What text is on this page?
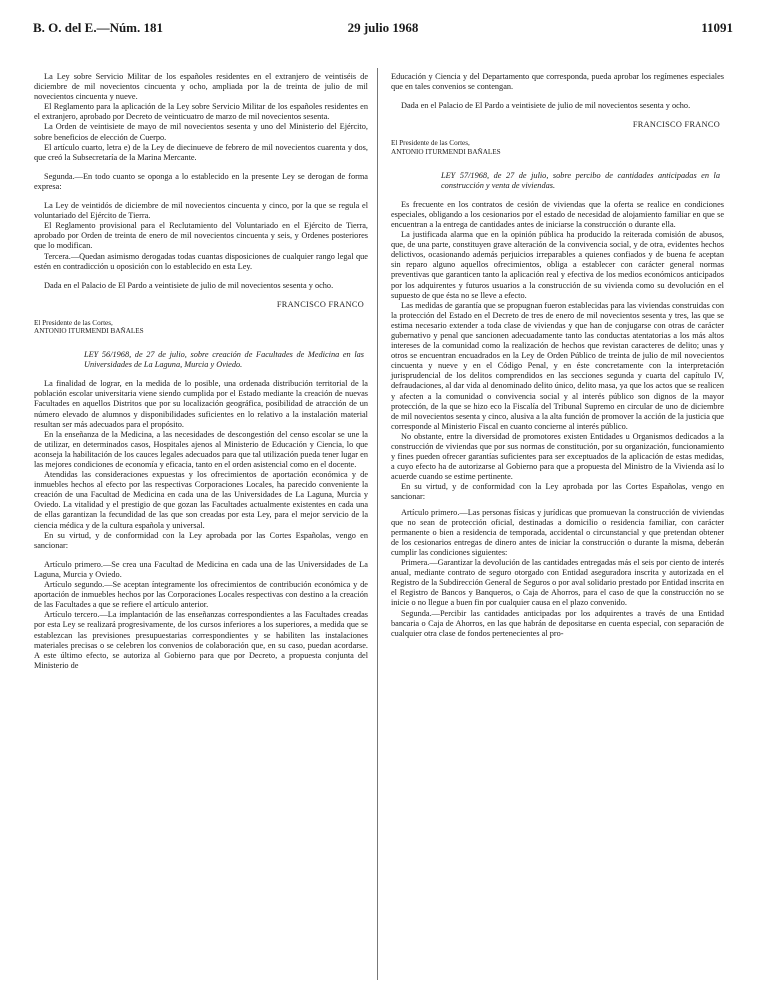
B. O. del E.—Núm. 181	29 julio 1968	11091

La Ley sobre Servicio Militar de los españoles residentes en el extranjero de veintiséis de diciembre de mil novecientos cincuenta y ocho, ampliada por la de treinta de julio de mil novecientos cincuenta y nueve.

El Reglamento para la aplicación de la Ley sobre Servicio Militar de los españoles residentes en el extranjero, aprobado por Decreto de veinticuatro de marzo de mil novecientos sesenta.

La Orden de veintisiete de mayo de mil novecientos sesenta y uno del Ministerio del Ejército, sobre beneficios de elección de Cuerpo.

El artículo cuarto, letra e) de la Ley de diecinueve de febrero de mil novecientos cuarenta y dos, que creó la Subsecretaría de la Marina Mercante.

Segunda.—En todo cuanto se oponga a lo establecido en la presente Ley se derogan de forma expresa:

La Ley de veintidós de diciembre de mil novecientos cincuenta y cinco, por la que se regula el voluntariado del Ejército de Tierra.

El Reglamento provisional para el Reclutamiento del Voluntariado en el Ejército de Tierra, aprobado por Orden de treinta de enero de mil novecientos cincuenta y seis, y Ordenes posteriores que lo modifican.

Tercera.—Quedan asimismo derogadas todas cuantas disposiciones de cualquier rango legal que estén en contradicción u oposición con lo establecido en esta Ley.

Dada en el Palacio de El Pardo a veintisiete de julio de mil novecientos sesenta y ocho.

FRANCISCO FRANCO

El Presidente de las Cortes,

ANTONIO ITURMENDI BAÑALES

LEY 56/1968, de 27 de julio, sobre creación de Facultades de Medicina en las Universidades de La Laguna, Murcia y Oviedo.

La finalidad de lograr, en la medida de lo posible, una ordenada distribución territorial de la población escolar universitaria viene siendo cumplida por el Estado mediante la creación de nuevas Facultades en aquellos Distritos que por su localización geográfica, posibilidad de atracción de un número elevado de alumnos y disponibilidades suficientes en lo relativo a la instalación material resultan ser más adecuados para el propósito.

En la enseñanza de la Medicina, a las necesidades de descongestión del censo escolar se une la de utilizar, en determinados casos, Hospitales ajenos al Ministerio de Educación y Ciencia, lo que aconseja la habilitación de los cauces legales adecuados para que tal utilización pueda tener lugar en las mejores condiciones de economía y eficacia, tanto en el orden asistencial como en el docente.

Atendidas las consideraciones expuestas y los ofrecimientos de aportación económica y de inmuebles hechos al efecto por las respectivas Corporaciones Locales, ha parecido conveniente la creación de una Facultad de Medicina en cada una de las Universidades de La Laguna, Murcia y Oviedo. La vitalidad y el prestigio de que gozan las Facultades actualmente existentes en cada una de ellas garantizan la fecundidad de las que son creadas por esta Ley, para el mejor servicio de la ciencia médica y de la cultura española y universal.

En su virtud, y de conformidad con la Ley aprobada por las Cortes Españolas, vengo en sancionar:

Artículo primero.—Se crea una Facultad de Medicina en cada una de las Universidades de La Laguna, Murcia y Oviedo.

Artículo segundo.—Se aceptan íntegramente los ofrecimientos de contribución económica y de aportación de inmuebles hechos por las Corporaciones Locales respectivas con destino a la creación de las Facultades a que se refiere el artículo anterior.

Artículo tercero.—La implantación de las enseñanzas correspondientes a las Facultades creadas por esta Ley se realizará progresivamente, de los cursos inferiores a los superiores, a medida que se establezcan las previsiones presupuestarias correspondientes y se habiliten las instalaciones materiales precisas o se celebren los convenios de colaboración que, en su caso, puedan acordarse. A este último efecto, se autoriza al Gobierno para que por Decreto, a propuesta conjunta del Ministerio de

Educación y Ciencia y del Departamento que corresponda, pueda aprobar los regímenes especiales que en tales convenios se contengan.

Dada en el Palacio de El Pardo a veintisiete de julio de mil novecientos sesenta y ocho.

FRANCISCO FRANCO

El Presidente de las Cortes,

ANTONIO ITURMENDI BAÑALES

LEY 57/1968, de 27 de julio, sobre percibo de cantidades anticipadas en la construcción y venta de viviendas.

Es frecuente en los contratos de cesión de viviendas que la oferta se realice en condiciones especiales, obligando a los cesionarios por el estado de necesidad de alojamiento familiar en que se encuentran a la entrega de cantidades antes de iniciarse la construcción o durante ella.

La justificada alarma que en la opinión pública ha producido la reiterada comisión de abusos, que, de una parte, constituyen grave alteración de la convivencia social, y de otra, evidentes hechos delictivos, ocasionando además perjuicios irreparables a quienes confiados y de buena fe aceptan sin reparo alguno aquellos ofrecimientos, obliga a establecer con carácter general normas preventivas que garanticen tanto la aplicación real y efectiva de los medios económicos anticipados por los adquirentes y futuros usuarios a la construcción de su vivienda como su devolución en el supuesto de que ésta no se lleve a efecto.

Las medidas de garantía que se propugnan fueron establecidas para las viviendas construidas con la protección del Estado en el Decreto de tres de enero de mil novecientos sesenta y tres, las que se estima necesario extender a toda clase de viviendas y que han de conjugarse con otras de carácter gubernativo y penal que sancionen adecuadamente tanto las conductas atentatorias a los más altos intereses de la comunidad como la realización de hechos que revistan caracteres de delito; unas y otros se encuentran encuadrados en la Ley de Orden Público de treinta de julio de mil novecientos cincuenta y nueve y en el Código Penal, y en éste concretamente con la interpretación jurisprudencial de los delitos comprendidos en las secciones segunda y cuarta del capítulo IV, defraudaciones, al dar vida al denominado delito único, delito masa, ya que los actos que se realicen y afecten a la comunidad o convivencia social y al interés público son dignos de la mayor protección, de la que se hizo eco la Fiscalía del Tribunal Supremo en circular de uno de diciembre de mil novecientos sesenta y cinco, alusiva a la alta función de promover la acción de la justicia que corresponde al Ministerio Fiscal en cuanto concierne al interés público.

No obstante, entre la diversidad de promotores existen Entidades u Organismos dedicados a la construcción de viviendas que por sus normas de constitución, por su organización, funcionamiento y fines pueden ofrecer garantías suficientes para ser exceptuados de la aplicación de estas medidas, a cuyo efecto ha de autorizarse al Gobierno para que a propuesta del Ministro de la Vivienda así lo acuerde cuando se estime pertinente.

En su virtud, y de conformidad con la Ley aprobada por las Cortes Españolas, vengo en sancionar:

Artículo primero.—Las personas físicas y jurídicas que promuevan la construcción de viviendas que no sean de protección oficial, destinadas a domicilio o residencia familiar, con carácter permanente o bien a residencia de temporada, accidental o circunstancial y que pretendan obtener de los cesionarios entregas de dinero antes de iniciar la construcción o durante la misma, deberán cumplir las condiciones siguientes:

Primera.—Garantizar la devolución de las cantidades entregadas más el seis por ciento de interés anual, mediante contrato de seguro otorgado con Entidad aseguradora inscrita y autorizada en el Registro de la Subdirección General de Seguros o por aval solidario prestado por Entidad inscrita en el Registro de Bancos y Banqueros, o Caja de Ahorros, para el caso de que la construcción no se inicie o no llegue a buen fin por cualquier causa en el plazo convenido.

Segunda.—Percibir las cantidades anticipadas por los adquirentes a través de una Entidad bancaria o Caja de Ahorros, en las que habrán de depositarse en cuenta especial, con separación de cualquier otra clase de fondos pertenecientes al pro-
